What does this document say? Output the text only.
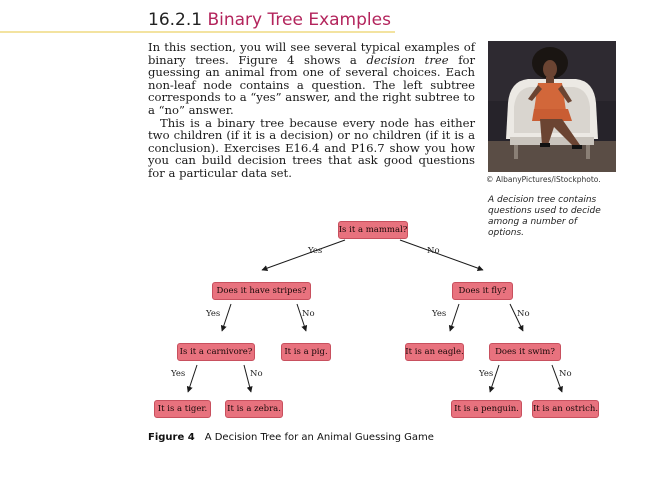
16.2.1 Binary Tree Examples

In this section, you will see several typical examples of binary trees. Figure 4 shows a decision tree for guessing an animal from one of several choices. Each non-leaf node contains a question. The left subtree corresponds to a “yes” answer, and the right subtree to a “no” answer.

This is a binary tree because every node has either two children (if it is a decision) or no children (if it is a conclusion). Exercises E16.4 and P16.7 show you how you can build decision trees that ask good questions for a particular data set.	© AlbanyPictures/iStockphoto.
A decision tree contains questions used to decide among a number of options.
Is it a mammal?
Does it have stripes?	Does it fly?
Is it a carnivore?	It is a pig.	It is an eagle.	Does it swim?
It is a tiger.	It is a zebra.	It is a penguin.	It is an ostrich.
Yes	No
Yes	No	Yes	No
Yes	No	Yes	No
Figure 4 A Decision Tree for an Animal Guessing Game
